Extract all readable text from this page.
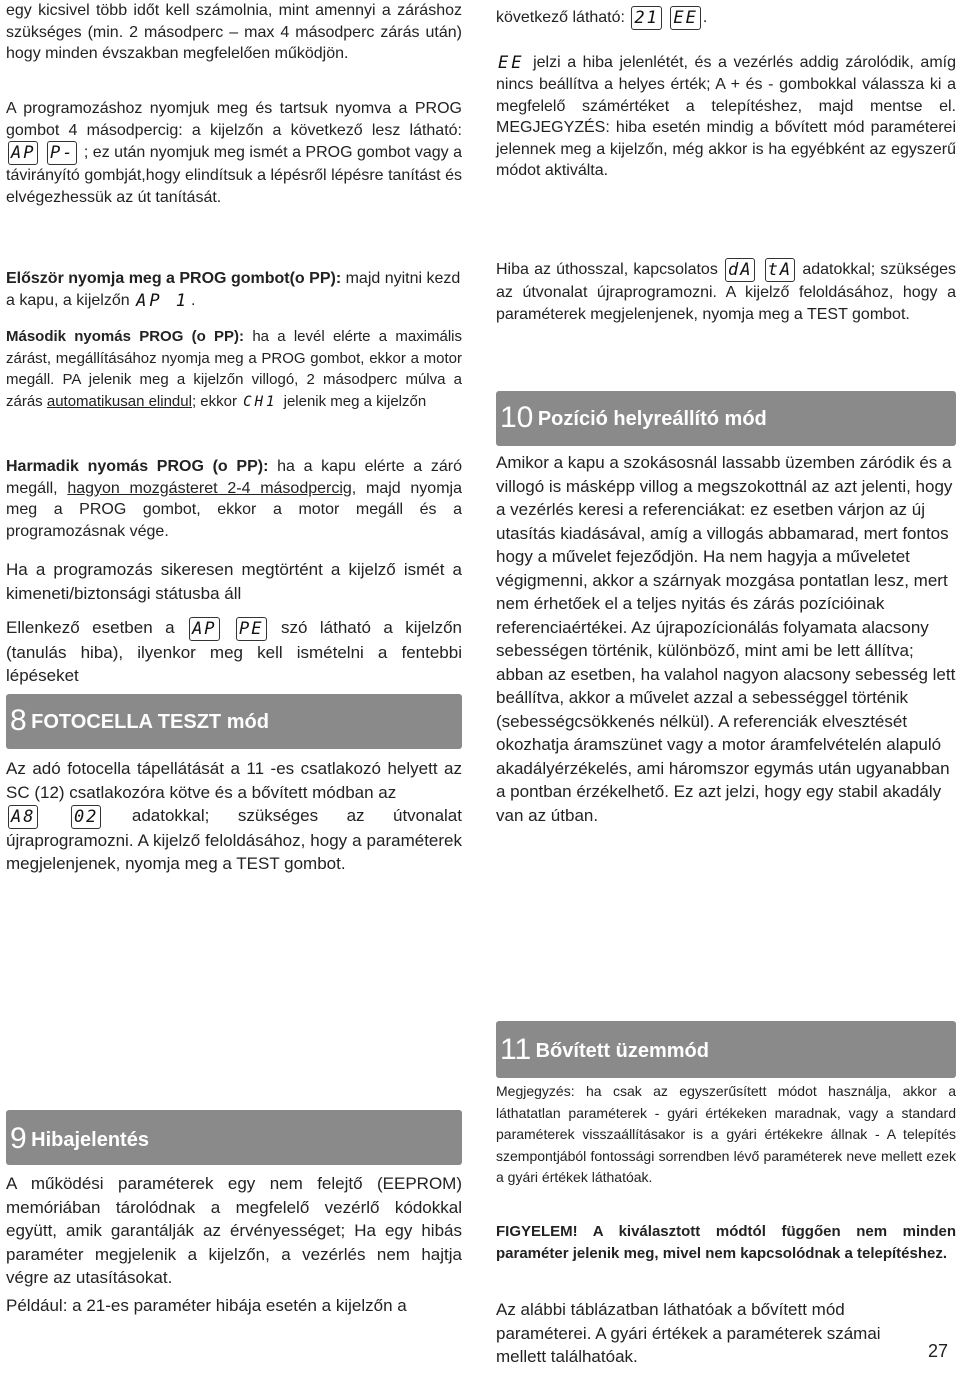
egy kicsivel több időt kell számolnia, mint amennyi a záráshoz szükséges (min. 2 másodperc – max 4 másodperc zárás után) hogy minden évszakban megfelelően működjön.

A programozáshoz nyomjuk meg és tartsuk nyomva a PROG gombot 4 másodpercig: a kijelzőn a következő lesz látható: AP P- ; ez után nyomjuk meg ismét a PROG gombot vagy a távirányító gombját,hogy elindítsuk a lépésről lépésre tanítást és elvégezhessük az út tanítását.

Először nyomja meg a PROG gombot(o PP): majd nyitni kezd a kapu, a kijelzőn AP 1 .

Második nyomás PROG (o PP): ha a levél elérte a maximális zárást, megállításához nyomja meg a PROG gombot, ekkor a motor megáll. PA jelenik meg a kijelzőn villogó, 2 másodperc múlva a zárás automatikusan elindul; ekkor CH1 jelenik meg a kijelzőn

Harmadik nyomás PROG (o PP): ha a kapu elérte a záró megáll, hagyon mozgásteret 2-4 másodpercig, majd nyomja meg a PROG gombot, ekkor a motor megáll és a programozásnak vége.

Ha a programozás sikeresen megtörtént a kijelző ismét a kimeneti/biztonsági státusba áll

Ellenkező esetben a AP PE szó látható a kijelzőn (tanulás hiba), ilyenkor meg kell ismételni a fentebbi lépéseket

8 FOTOCELLA TESZT mód

Az adó fotocella tápellátását a 11 -es csatlakozó helyett az SC (12) csatlakozóra kötve és a bővített módban az
A8 02 adatokkal; szükséges az útvonalat újraprogramozni. A kijelző feloldásához, hogy a paraméterek megjelenjenek, nyomja meg a TEST gombot.

9 Hibajelentés

A működési paraméterek egy nem felejtő (EEPROM) memóriában tárolódnak a megfelelő vezérlő kódokkal együtt, amik garantálják az érvényességet; Ha egy hibás paraméter megjelenik a kijelzőn, a vezérlés nem hajtja végre az utasításokat.

Például: a 21-es paraméter hibája esetén a kijelzőn a

következő látható: 21 EE .

EE jelzi a hiba jelenlétét, és a vezérlés addig zárolódik, amíg nincs beállítva a helyes érték; A + és - gombokkal válassza ki a megfelelő számértéket a telepítéshez, majd mentse el. MEGJEGYZÉS: hiba esetén mindig a bővített mód paraméterei jelennek meg a kijelzőn, még akkor is ha egyébként az egyszerű módot aktiválta.

Hiba az úthosszal, kapcsolatos dA tA adatokkal; szükséges az útvonalat újraprogramozni. A kijelző feloldásához, hogy a paraméterek megjelenjenek, nyomja meg a TEST gombot.

10 Pozíció helyreállító mód

Amikor a kapu a szokásosnál lassabb üzemben záródik és a villogó is másképp villog a megszokottnál az azt jelenti, hogy a vezérlés keresi a referenciákat: ez esetben várjon az új utasítás kiadásával, amíg a villogás abbamarad, mert fontos hogy a művelet fejeződjön. Ha nem hagyja a műveletet végigmenni, akkor a szárnyak mozgása pontatlan lesz, mert nem érhetőek el a teljes nyitás és zárás pozícióinak referenciaértékei. Az újrapozícionálás folyamata alacsony sebességen történik, különböző, mint ami be lett állítva; abban az esetben, ha valahol nagyon alacsony sebesség lett beállítva, akkor a művelet azzal a sebességgel történik (sebességcsökkenés nélkül). A referenciák elvesztését okozhatja áramszünet vagy a motor áramfelvételén alapuló akadályérzékelés, ami háromszor egymás után ugyanabban a pontban érzékelhető. Ez azt jelzi, hogy egy stabil akadály van az útban.

11 Bővített üzemmód

Megjegyzés: ha csak az egyszerűsített módot használja, akkor a láthatatlan paraméterek - gyári értékeken maradnak, vagy a standard paraméterek visszaállításakor is a gyári értékekre állnak - A telepítés szempontjából fontossági sorrendben lévő paraméterek neve mellett ezek a gyári értékek láthatóak.

FIGYELEM! A kiválasztott módtól függően nem minden paraméter jelenik meg, mivel nem kapcsolódnak a telepítéshez.

Az alábbi táblázatban láthatóak a bővített mód paraméterei. A gyári értékek a paraméterek számai mellett találhatóak.	27
